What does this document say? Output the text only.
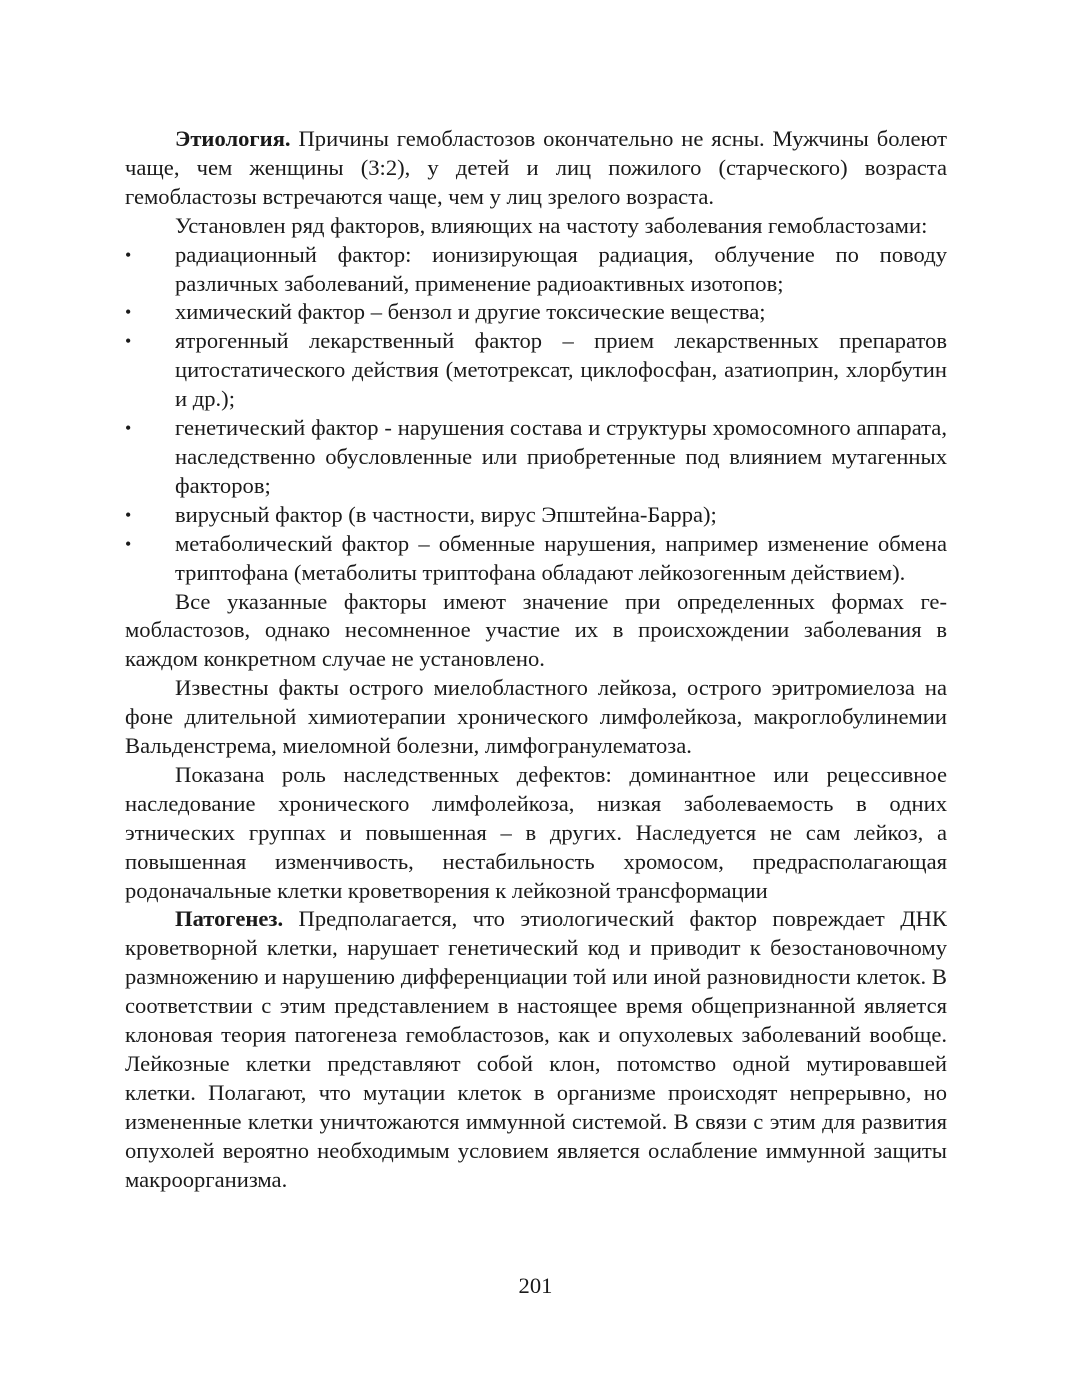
Этиология. Причины гемобластозов окончательно не ясны. Мужчины болеют чаще, чем женщины (3:2), у детей и лиц пожилого (старческого) возраста гемобластозы встречаются чаще, чем у лиц зрелого возраста.

Установлен ряд факторов, влияющих на частоту заболевания гемобластозами:

• радиационный фактор: ионизирующая радиация, облучение по поводу различных заболеваний, применение радиоактивных изотопов;
• химический фактор – бензол и другие токсические вещества;
• ятрогенный лекарственный фактор – прием лекарственных препаратов цитостатического действия (метотрексат, циклофосфан, азатиоприн, хлорбутин и др.);
• генетический фактор - нарушения состава и структуры хромосомного аппарата, наследственно обусловленные или приобретенные под влиянием мутагенных факторов;
• вирусный фактор (в частности, вирус Эпштейна-Барра);
• метаболический фактор – обменные нарушения, например изменение обмена триптофана (метаболиты триптофана обладают лейкозогенным действием).

Все указанные факторы имеют значение при определенных формах гемобластозов, однако несомненное участие их в происхождении заболевания в каждом конкретном случае не установлено.

Известны факты острого миелобластного лейкоза, острого эритромиелоза на фоне длительной химиотерапии хронического лимфолейкоза, макроглобулинемии Вальденстрема, миеломной болезни, лимфогранулематоза.

Показана роль наследственных дефектов: доминантное или рецессивное наследование хронического лимфолейкоза, низкая заболеваемость в одних этнических группах и повышенная – в других. Наследуется не сам лейкоз, а повышенная изменчивость, нестабильность хромосом, предрасполагающая родоначальные клетки кроветворения к лейкозной трансформации

Патогенез. Предполагается, что этиологический фактор повреждает ДНК кроветворной клетки, нарушает генетический код и приводит к безостановочному размножению и нарушению дифференциации той или иной разновидности клеток. В соответствии с этим представлением в настоящее время общепризнанной является клоновая теория патогенеза гемобластозов, как и опухолевых заболеваний вообще. Лейкозные клетки представляют собой клон, потомство одной мутировавшей клетки. Полагают, что мутации клеток в организме происходят непрерывно, но измененные клетки уничтожаются иммунной системой. В связи с этим для развития опухолей вероятно необходимым условием является ослабление иммунной защиты макроорганизма.

201
